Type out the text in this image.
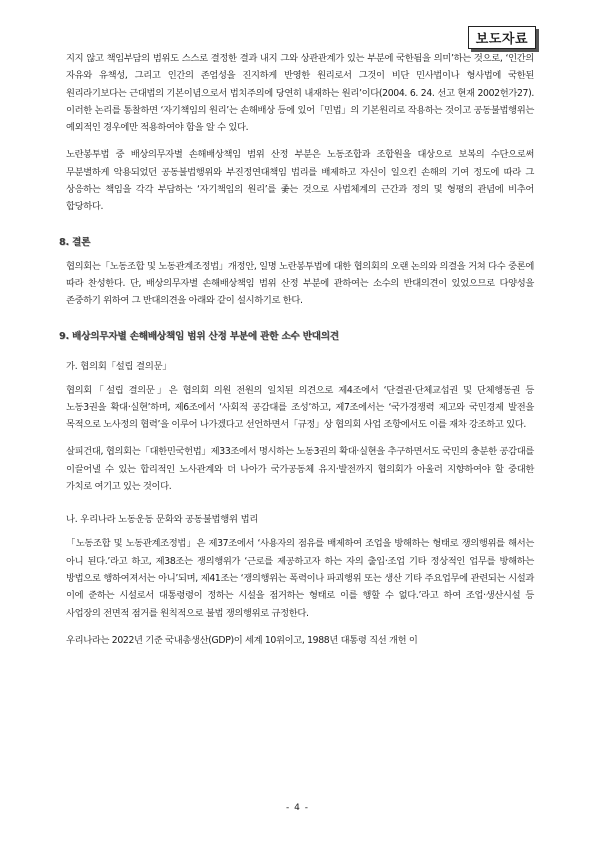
보도자료

지지 않고 책임부담의 범위도 스스로 결정한 결과 내지 그와 상관관계가 있는 부분에 국한됨을 의미’하는 것으로, ‘인간의 자유와 유책성, 그리고 인간의 존엄성을 진지하게 반영한 원리로서 그것이 비단 민사법이나 형사법에 국한된 원리라기보다는 근대법의 기본이념으로서 법치주의에 당연히 내재하는 원리’이다(2004. 6. 24. 선고 현재 2002헌가27). 이러한 논리를 통찰하면 ‘자기책임의 원리’는 손해배상 등에 있어「민법」의 기본원리로 작용하는 것이고 공동불법행위는 예외적인 경우에만 적용하여야 함을 알 수 있다.

노란봉투법 중 배상의무자별 손해배상책임 범위 산정 부분은 노동조합과 조합원을 대상으로 보복의 수단으로써 무분별하게 악용되었던 공동불법행위와 부진정연대책임 법리를 배제하고 자신이 일으킨 손해의 기여 정도에 따라 그 상응하는 책임을 각각 부담하는 ‘자기책임의 원리’를 좇는 것으로 사법체계의 근간과 정의 및 형평의 관념에 비추어 합당하다.

8. 결론

협의회는「노동조합 및 노동관계조정법」개정안, 일명 노란봉투법에 대한 협의회의 오랜 논의와 의결을 거쳐 다수 중론에 따라 찬성한다. 단, 배상의무자별 손해배상책임 범위 산정 부분에 관하여는 소수의 반대의견이 있었으므로 다양성을 존중하기 위하여 그 반대의견을 아래와 같이 설시하기로 한다.

9. 배상의무자별 손해배상책임 범위 산정 부분에 관한 소수 반대의견
가. 협의회「설립 결의문」

협의회「설립 결의문」은 협의회 의원 전원의 일치된 의견으로 제4조에서 ‘단결권·단체교섭권 및 단체행동권 등 노동3권을 확대·실현’하며, 제6조에서 ‘사회적 공감대를 조성’하고, 제7조에서는 ‘국가경쟁력 제고와 국민경제 발전을 목적으로 노사정의 협력’을 이루어 나가겠다고 선언하면서「규정」상 협의회 사업 조항에서도 이를 재차 강조하고 있다.

살피건대, 협의회는「대한민국헌법」제33조에서 명시하는 노동3권의 확대·실현을 추구하면서도 국민의 충분한 공감대를 이끌어낼 수 있는 합리적인 노사관계와 더 나아가 국가공동체 유지·발전까지 협의회가 아울러 지향하여야 할 중대한 가치로 여기고 있는 것이다.

나. 우리나라 노동운동 문화와 공동불법행위 법리

「노동조합 및 노동관계조정법」은 제37조에서 ‘사용자의 점유를 배제하여 조업을 방해하는 형태로 쟁의행위를 해서는 아니 된다.’라고 하고, 제38조는 쟁의행위가 ‘근로를 제공하고자 하는 자의 출입·조업 기타 정상적인 업무를 방해하는 방법으로 행하여져서는 아니’되며, 제41조는 ‘쟁의행위는 폭력이나 파괴행위 또는 생산 기타 주요업무에 관련되는 시설과 이에 준하는 시설로서 대통령령이 정하는 시설을 점거하는 형태로 이를 행할 수 없다.’라고 하여 조업·생산시설 등 사업장의 전면적 점거를 원칙적으로 불법 쟁의행위로 규정한다.

우리나라는 2022년 기준 국내총생산(GDP)이 세계 10위이고, 1988년 대통령 직선 개헌 이

- 4 -
